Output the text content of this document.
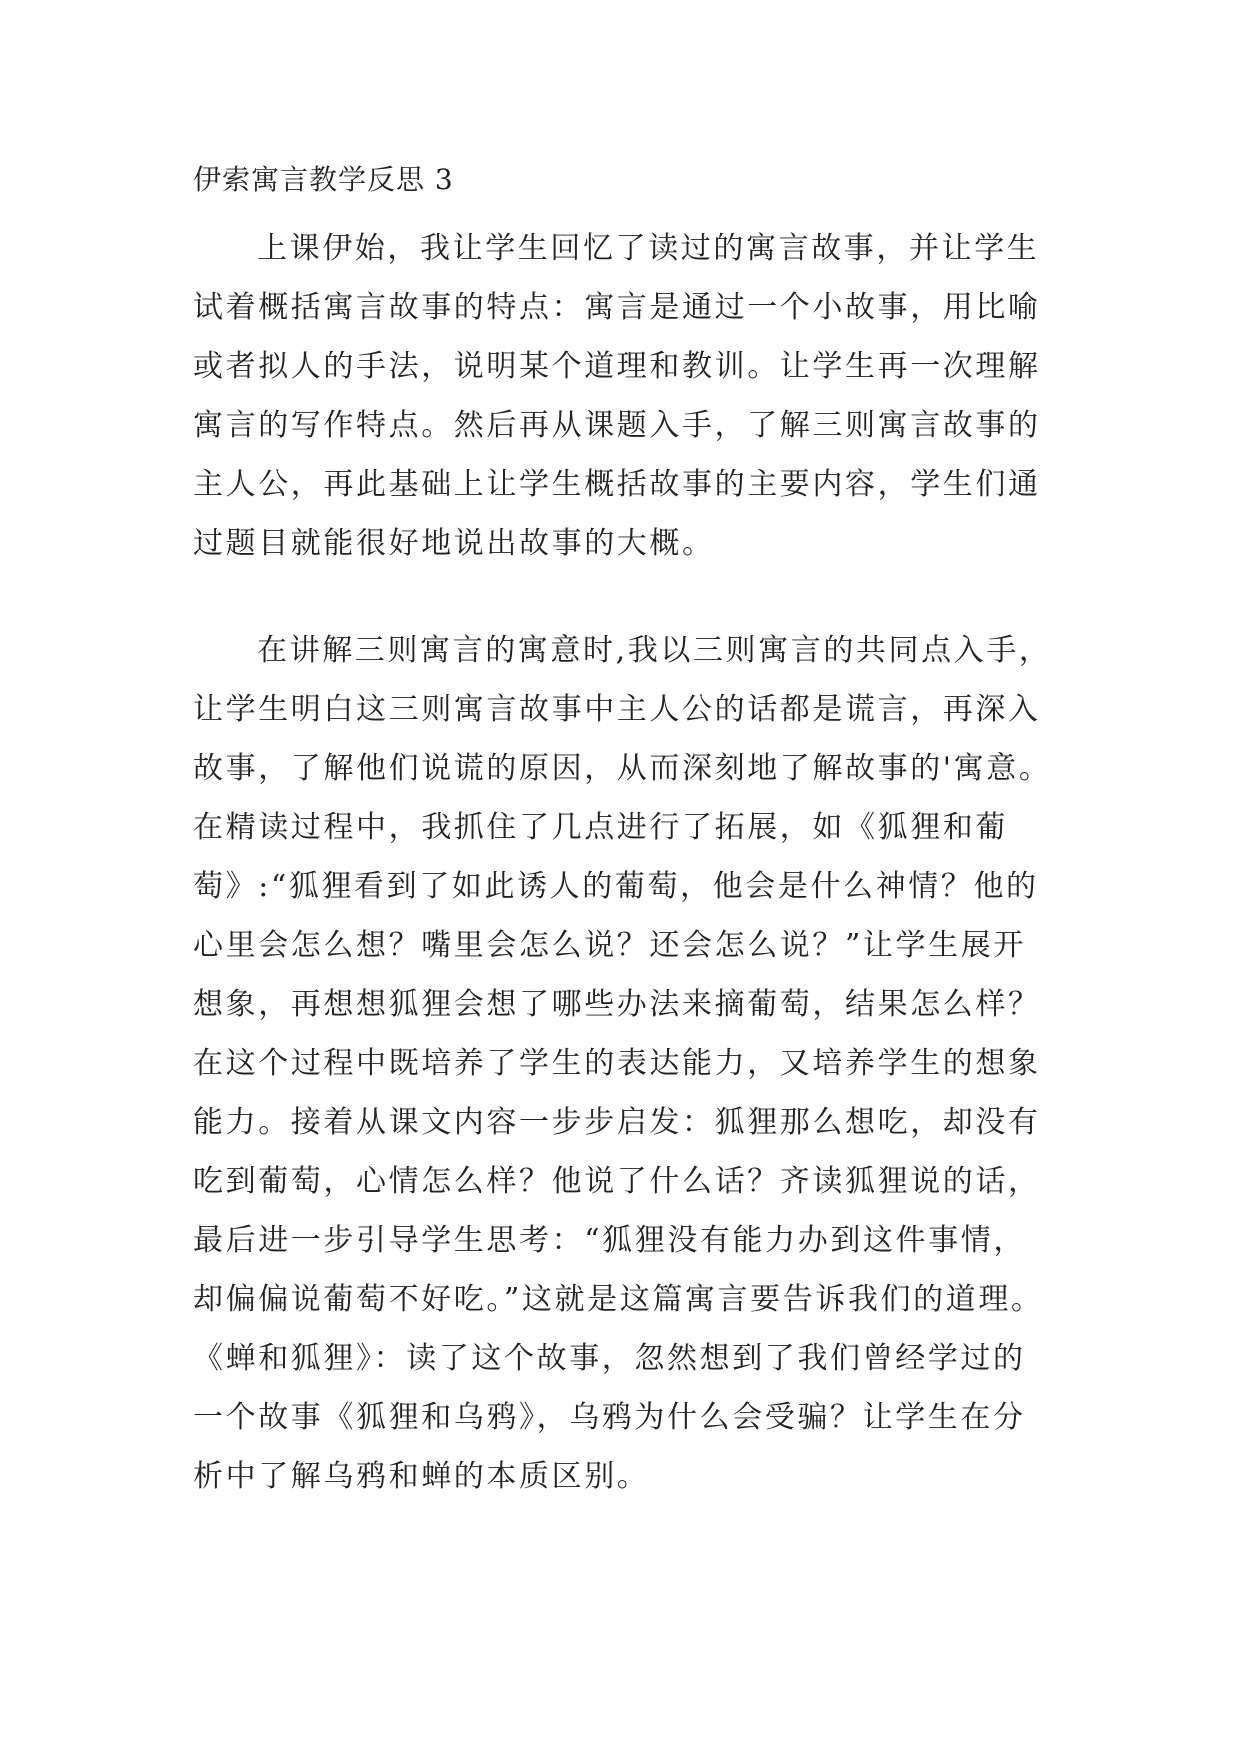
伊索寓言教学反思 3
上课伊始，我让学生回忆了读过的寓言故事，并让学生
试着概括寓言故事的特点：寓言是通过一个小故事，用比喻
或者拟人的手法，说明某个道理和教训。让学生再一次理解
寓言的写作特点。然后再从课题入手，了解三则寓言故事的
主人公，再此基础上让学生概括故事的主要内容，学生们通
过题目就能很好地说出故事的大概。
在讲解三则寓言的寓意时,我以三则寓言的共同点入手，
让学生明白这三则寓言故事中主人公的话都是谎言，再深入
故事，了解他们说谎的原因，从而深刻地了解故事的'寓意。
在精读过程中，我抓住了几点进行了拓展，如《狐狸和葡
萄》:“狐狸看到了如此诱人的葡萄，他会是什么神情？他的
心里会怎么想？嘴里会怎么说？还会怎么说？”让学生展开
想象，再想想狐狸会想了哪些办法来摘葡萄，结果怎么样？
在这个过程中既培养了学生的表达能力，又培养学生的想象
能力。接着从课文内容一步步启发：狐狸那么想吃，却没有
吃到葡萄，心情怎么样？他说了什么话？齐读狐狸说的话，
最后进一步引导学生思考：“狐狸没有能力办到这件事情，
却偏偏说葡萄不好吃。”这就是这篇寓言要告诉我们的道理。
《蝉和狐狸》：读了这个故事，忽然想到了我们曾经学过的
一个故事《狐狸和乌鸦》，乌鸦为什么会受骗？让学生在分
析中了解乌鸦和蝉的本质区别。
